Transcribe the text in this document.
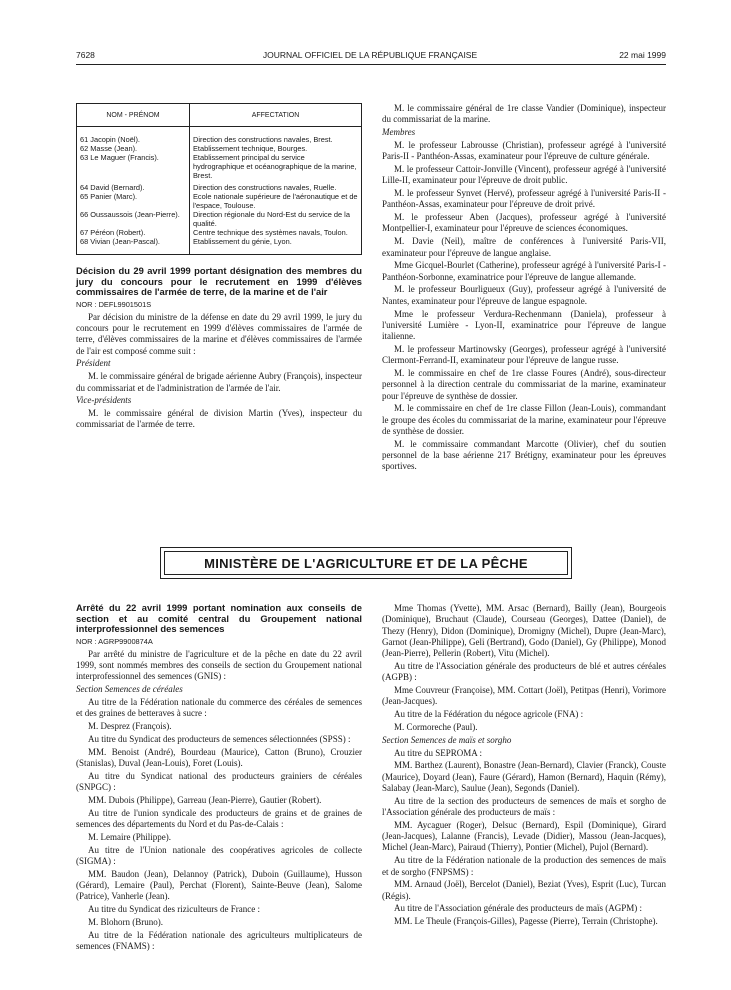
7628	JOURNAL OFFICIEL DE LA RÉPUBLIQUE FRANÇAISE	22 mai 1999
NOM - PRÉNOM	AFFECTATION
61 Jacopin (Noël).	Direction des constructions navales, Brest.
62 Masse (Jean).	Etablissement technique, Bourges.
63 Le Maguer (Francis).	Etablissement principal du service hydrographique et océanographique de la marine, Brest.
64 David (Bernard).	Direction des constructions navales, Ruelle.
65 Panier (Marc).	Ecole nationale supérieure de l'aéronautique et de l'espace, Toulouse.
66 Oussaussois (Jean-Pierre).	Direction régionale du Nord-Est du service de la qualité.
67 Péréon (Robert).	Centre technique des systèmes navals, Toulon.
68 Vivian (Jean-Pascal).	Etablissement du génie, Lyon.

Décision du 29 avril 1999 portant désignation des membres du jury du concours pour le recrutement en 1999 d'élèves commissaires de l'armée de terre, de la marine et de l'air

NOR : DEFL9901501S

Par décision du ministre de la défense en date du 29 avril 1999, le jury du concours pour le recrutement en 1999 d'élèves commissaires de l'armée de terre, d'élèves commissaires de la marine et d'élèves commissaires de l'armée de l'air est composé comme suit :

Président

M. le commissaire général de brigade aérienne Aubry (François), inspecteur du commissariat et de l'administration de l'armée de l'air.

Vice-présidents

M. le commissaire général de division Martin (Yves), inspecteur du commissariat de l'armée de terre.

M. le commissaire général de 1re classe Vandier (Dominique), inspecteur du commissariat de la marine.

Membres

M. le professeur Labrousse (Christian), professeur agrégé à l'université Paris-II - Panthéon-Assas, examinateur pour l'épreuve de culture générale.

M. le professeur Cattoir-Jonville (Vincent), professeur agrégé à l'université Lille-II, examinateur pour l'épreuve de droit public.

M. le professeur Synvet (Hervé), professeur agrégé à l'université Paris-II - Panthéon-Assas, examinateur pour l'épreuve de droit privé.

M. le professeur Aben (Jacques), professeur agrégé à l'université Montpellier-I, examinateur pour l'épreuve de sciences économiques.

M. Davie (Neil), maître de conférences à l'université Paris-VII, examinateur pour l'épreuve de langue anglaise.

Mme Gicquel-Bourlet (Catherine), professeur agrégé à l'université Paris-I - Panthéon-Sorbonne, examinatrice pour l'épreuve de langue allemande.

M. le professeur Bourligueux (Guy), professeur agrégé à l'université de Nantes, examinateur pour l'épreuve de langue espagnole.

Mme le professeur Verdura-Rechenmann (Daniela), professeur à l'université Lumière - Lyon-II, examinatrice pour l'épreuve de langue italienne.

M. le professeur Martinowsky (Georges), professeur agrégé à l'université Clermont-Ferrand-II, examinateur pour l'épreuve de langue russe.

M. le commissaire en chef de 1re classe Foures (André), sous-directeur personnel à la direction centrale du commissariat de la marine, examinateur pour l'épreuve de synthèse de dossier.

M. le commissaire en chef de 1re classe Fillon (Jean-Louis), commandant le groupe des écoles du commissariat de la marine, examinateur pour l'épreuve de synthèse de dossier.

M. le commissaire commandant Marcotte (Olivier), chef du soutien personnel de la base aérienne 217 Brétigny, examinateur pour les épreuves sportives.

MINISTÈRE DE L'AGRICULTURE ET DE LA PÊCHE

Arrêté du 22 avril 1999 portant nomination aux conseils de section et au comité central du Groupement national interprofessionnel des semences

NOR : AGRP9900874A

Par arrêté du ministre de l'agriculture et de la pêche en date du 22 avril 1999, sont nommés membres des conseils de section du Groupement national interprofessionnel des semences (GNIS) :

Section Semences de céréales

Au titre de la Fédération nationale du commerce des céréales de semences et des graines de betteraves à sucre :

M. Desprez (François).

Au titre du Syndicat des producteurs de semences sélectionnées (SPSS) :

MM. Benoist (André), Bourdeau (Maurice), Catton (Bruno), Crouzier (Stanislas), Duval (Jean-Louis), Foret (Louis).

Au titre du Syndicat national des producteurs grainiers de céréales (SNPGC) :

MM. Dubois (Philippe), Garreau (Jean-Pierre), Gautier (Robert).

Au titre de l'union syndicale des producteurs de grains et de graines de semences des départements du Nord et du Pas-de-Calais :

M. Lemaire (Philippe).

Au titre de l'Union nationale des coopératives agricoles de collecte (SIGMA) :

MM. Baudon (Jean), Delannoy (Patrick), Duboin (Guillaume), Husson (Gérard), Lemaire (Paul), Perchat (Florent), Sainte-Beuve (Jean), Salome (Patrice), Vanherle (Jean).

Au titre du Syndicat des riziculteurs de France :

M. Blohorn (Bruno).

Au titre de la Fédération nationale des agriculteurs multiplicateurs de semences (FNAMS) :

Mme Thomas (Yvette), MM. Arsac (Bernard), Bailly (Jean), Bourgeois (Dominique), Bruchaut (Claude), Courseau (Georges), Dattee (Daniel), de Thezy (Henry), Didon (Dominique), Dromigny (Michel), Dupre (Jean-Marc), Garnot (Jean-Philippe), Geli (Bertrand), Godo (Daniel), Gy (Philippe), Monod (Jean-Pierre), Pellerin (Robert), Vitu (Michel).

Au titre de l'Association générale des producteurs de blé et autres céréales (AGPB) :

Mme Couvreur (Françoise), MM. Cottart (Joël), Petitpas (Henri), Vorimore (Jean-Jacques).

Au titre de la Fédération du négoce agricole (FNA) :

M. Cormoreche (Paul).

Section Semences de maïs et sorgho

Au titre du SEPROMA :

MM. Barthez (Laurent), Bonastre (Jean-Bernard), Clavier (Franck), Couste (Maurice), Doyard (Jean), Faure (Gérard), Hamon (Bernard), Haquin (Rémy), Salabay (Jean-Marc), Saulue (Jean), Segonds (Daniel).

Au titre de la section des producteurs de semences de maïs et sorgho de l'Association générale des producteurs de maïs :

MM. Aycaguer (Roger), Delsuc (Bernard), Espil (Dominique), Girard (Jean-Jacques), Lalanne (Francis), Levade (Didier), Massou (Jean-Jacques), Michel (Jean-Marc), Pairaud (Thierry), Pontier (Michel), Pujol (Bernard).

Au titre de la Fédération nationale de la production des semences de maïs et de sorgho (FNPSMS) :

MM. Arnaud (Joël), Bercelot (Daniel), Beziat (Yves), Esprit (Luc), Turcan (Régis).

Au titre de l'Association générale des producteurs de maïs (AGPM) :

MM. Le Theule (François-Gilles), Pagesse (Pierre), Terrain (Christophe).
